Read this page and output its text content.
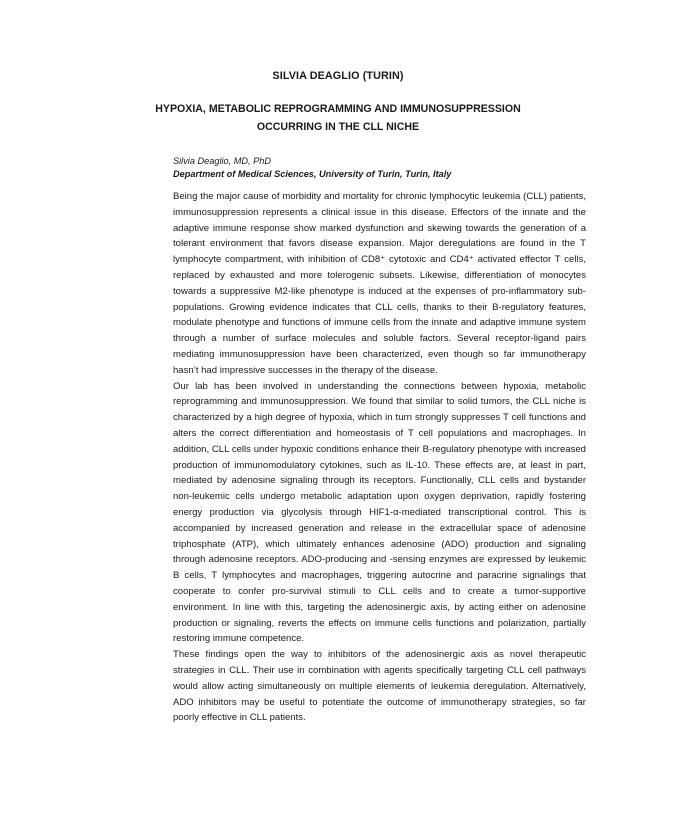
SILVIA DEAGLIO (TURIN)
HYPOXIA, METABOLIC REPROGRAMMING AND IMMUNOSUPPRESSION
OCCURRING IN THE CLL NICHE
Silvia Deaglio, MD, PhD
Department of Medical Sciences, University of Turin, Turin, Italy

Being the major cause of morbidity and mortality for chronic lymphocytic leukemia (CLL) patients, immunosuppression represents a clinical issue in this disease. Effectors of the innate and the adaptive immune response show marked dysfunction and skewing towards the generation of a tolerant environment that favors disease expansion. Major deregulations are found in the T lymphocyte compartment, with inhibition of CD8⁺ cytotoxic and CD4⁺ activated effector T cells, replaced by exhausted and more tolerogenic subsets. Likewise, differentiation of monocytes towards a suppressive M2-like phenotype is induced at the expenses of pro-inflammatory sub-populations. Growing evidence indicates that CLL cells, thanks to their B-regulatory features, modulate phenotype and functions of immune cells from the innate and adaptive immune system through a number of surface molecules and soluble factors. Several receptor-ligand pairs mediating immunosuppression have been characterized, even though so far immunotherapy hasn’t had impressive successes in the therapy of the disease.

Our lab has been involved in understanding the connections between hypoxia, metabolic reprogramming and immunosuppression. We found that similar to solid tumors, the CLL niche is characterized by a high degree of hypoxia, which in turn strongly suppresses T cell functions and alters the correct differentiation and homeostasis of T cell populations and macrophages. In addition, CLL cells under hypoxic conditions enhance their B-regulatory phenotype with increased production of immunomodulatory cytokines, such as IL-10. These effects are, at least in part, mediated by adenosine signaling through its receptors. Functionally, CLL cells and bystander non-leukemic cells undergo metabolic adaptation upon oxygen deprivation, rapidly fostering energy production via glycolysis through HIF1-α-mediated transcriptional control. This is accompanied by increased generation and release in the extracellular space of adenosine triphosphate (ATP), which ultimately enhances adenosine (ADO) production and signaling through adenosine receptors. ADO-producing and -sensing enzymes are expressed by leukemic B cells, T lymphocytes and macrophages, triggering autocrine and paracrine signalings that cooperate to confer pro-survival stimuli to CLL cells and to create a tumor-supportive environment. In line with this, targeting the adenosinergic axis, by acting either on adenosine production or signaling, reverts the effects on immune cells functions and polarization, partially restoring immune competence.

These findings open the way to inhibitors of the adenosinergic axis as novel therapeutic strategies in CLL. Their use in combination with agents specifically targeting CLL cell pathways would allow acting simultaneously on multiple elements of leukemia deregulation. Alternatively, ADO inhibitors may be useful to potentiate the outcome of immunotherapy strategies, so far poorly effective in CLL patients.
